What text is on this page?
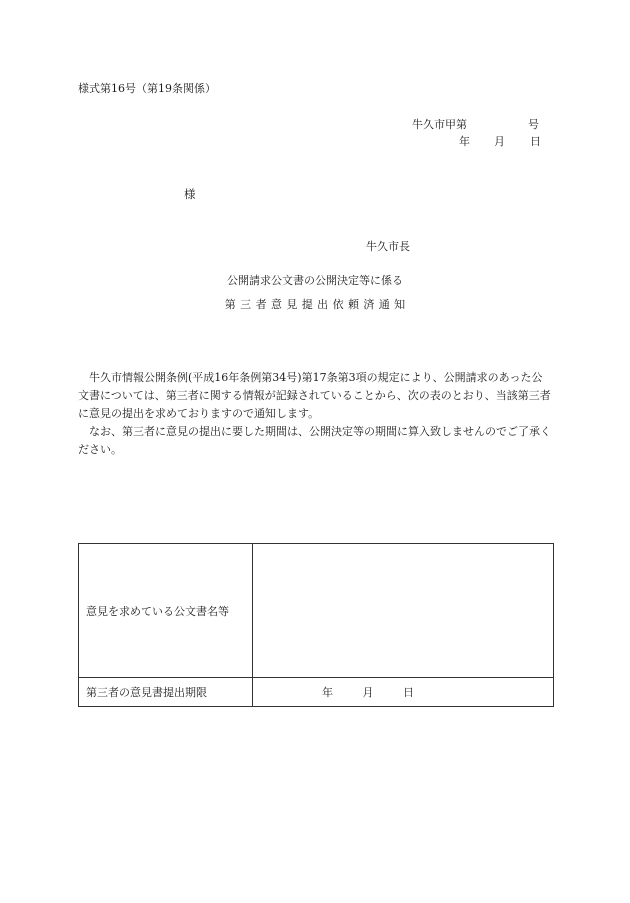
様式第16号（第19条関係）
牛久市甲第	号
年 月 日
様
牛久市長
公開請求公文書の公開決定等に係る
第三者意見提出依頼済通知

牛久市情報公開条例(平成16年条例第34号)第17条第3項の規定により、公開請求のあった公文書については、第三者に関する情報が記録されていることから、次の表のとおり、当該第三者に意見の提出を求めておりますので通知します。

なお、第三者に意見の提出に要した期間は、公開決定等の期間に算入致しませんのでご了承ください。

意見を求めている公文書名等	
第三者の意見書提出期限	年 月 日
